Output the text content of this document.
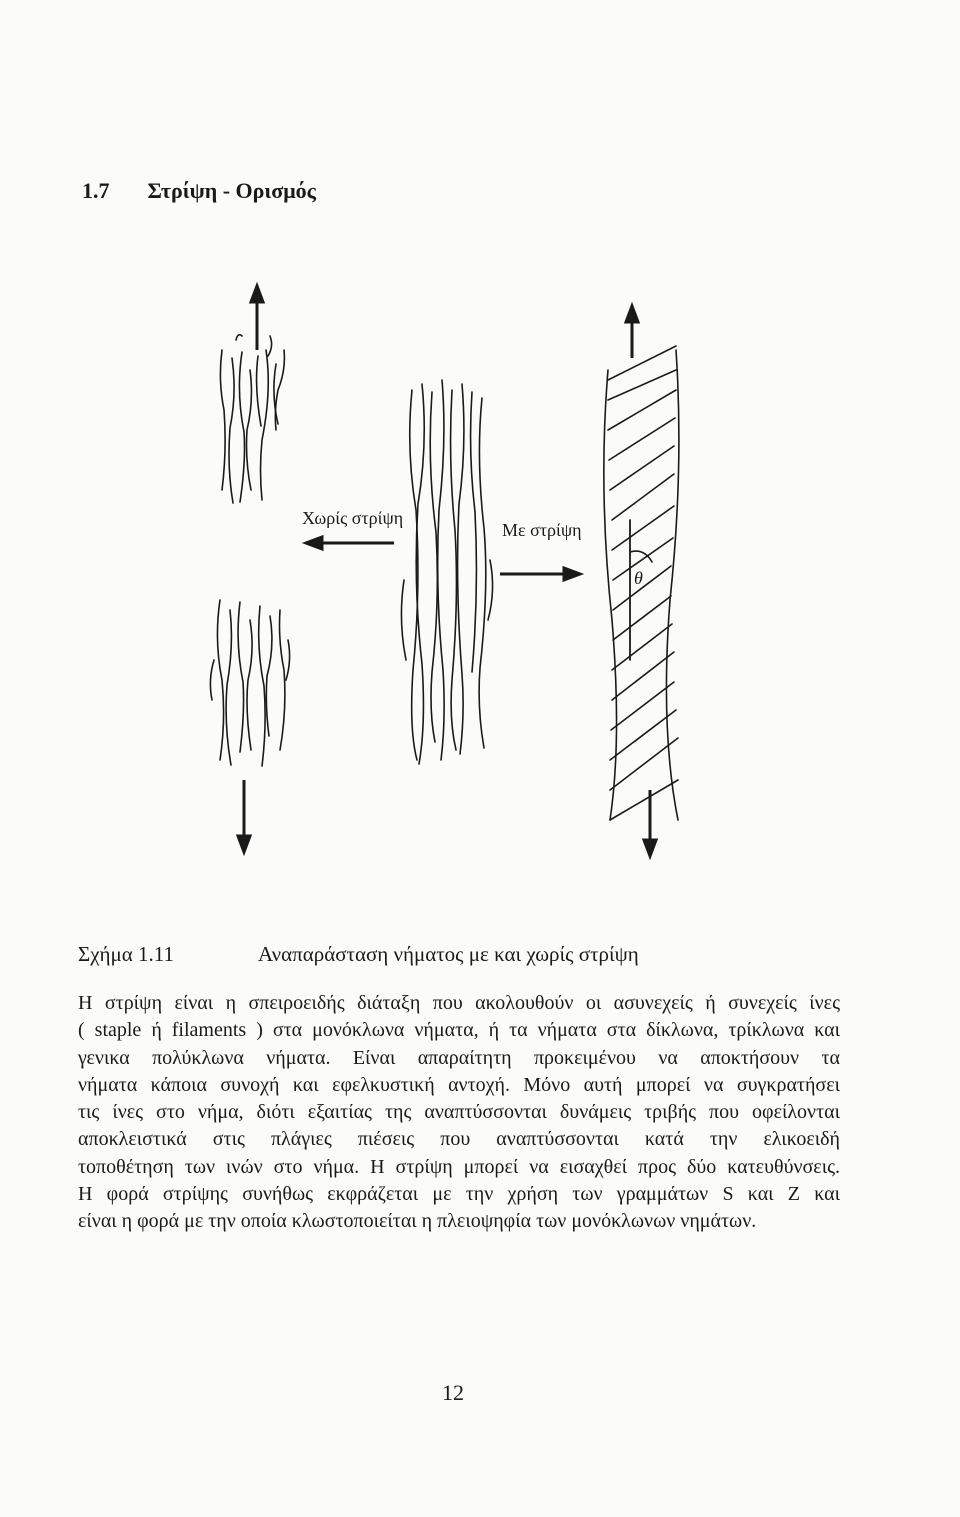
1.7 Στρίψη - Ορισμός
Χωρίς στρίψη
Με στρίψη
θ
Σχήμα 1.11	Αναπαράσταση νήματος με και χωρίς στρίψη

Η στρίψη είναι η σπειροειδής διάταξη που ακολουθούν οι ασυνεχείς ή συνεχείς ίνες

( staple ή filaments ) στα μονόκλωνα νήματα, ή τα νήματα στα δίκλωνα, τρίκλωνα και

γενικα πολύκλωνα νήματα. Είναι απαραίτητη προκειμένου να αποκτήσουν τα

νήματα κάποια συνοχή και εφελκυστική αντοχή. Μόνο αυτή μπορεί να συγκρατήσει

τις ίνες στο νήμα, διότι εξαιτίας της αναπτύσσονται δυνάμεις τριβής που οφείλονται

αποκλειστικά στις πλάγιες πιέσεις που αναπτύσσονται κατά την ελικοειδή

τοποθέτηση των ινών στο νήμα. Η στρίψη μπορεί να εισαχθεί προς δύο κατευθύνσεις.

Η φορά στρίψης συνήθως εκφράζεται με την χρήση των γραμμάτων S και Z και

είναι η φορά με την οποία κλωστοποιείται η πλειοψηφία των μονόκλωνων νημάτων.

12
